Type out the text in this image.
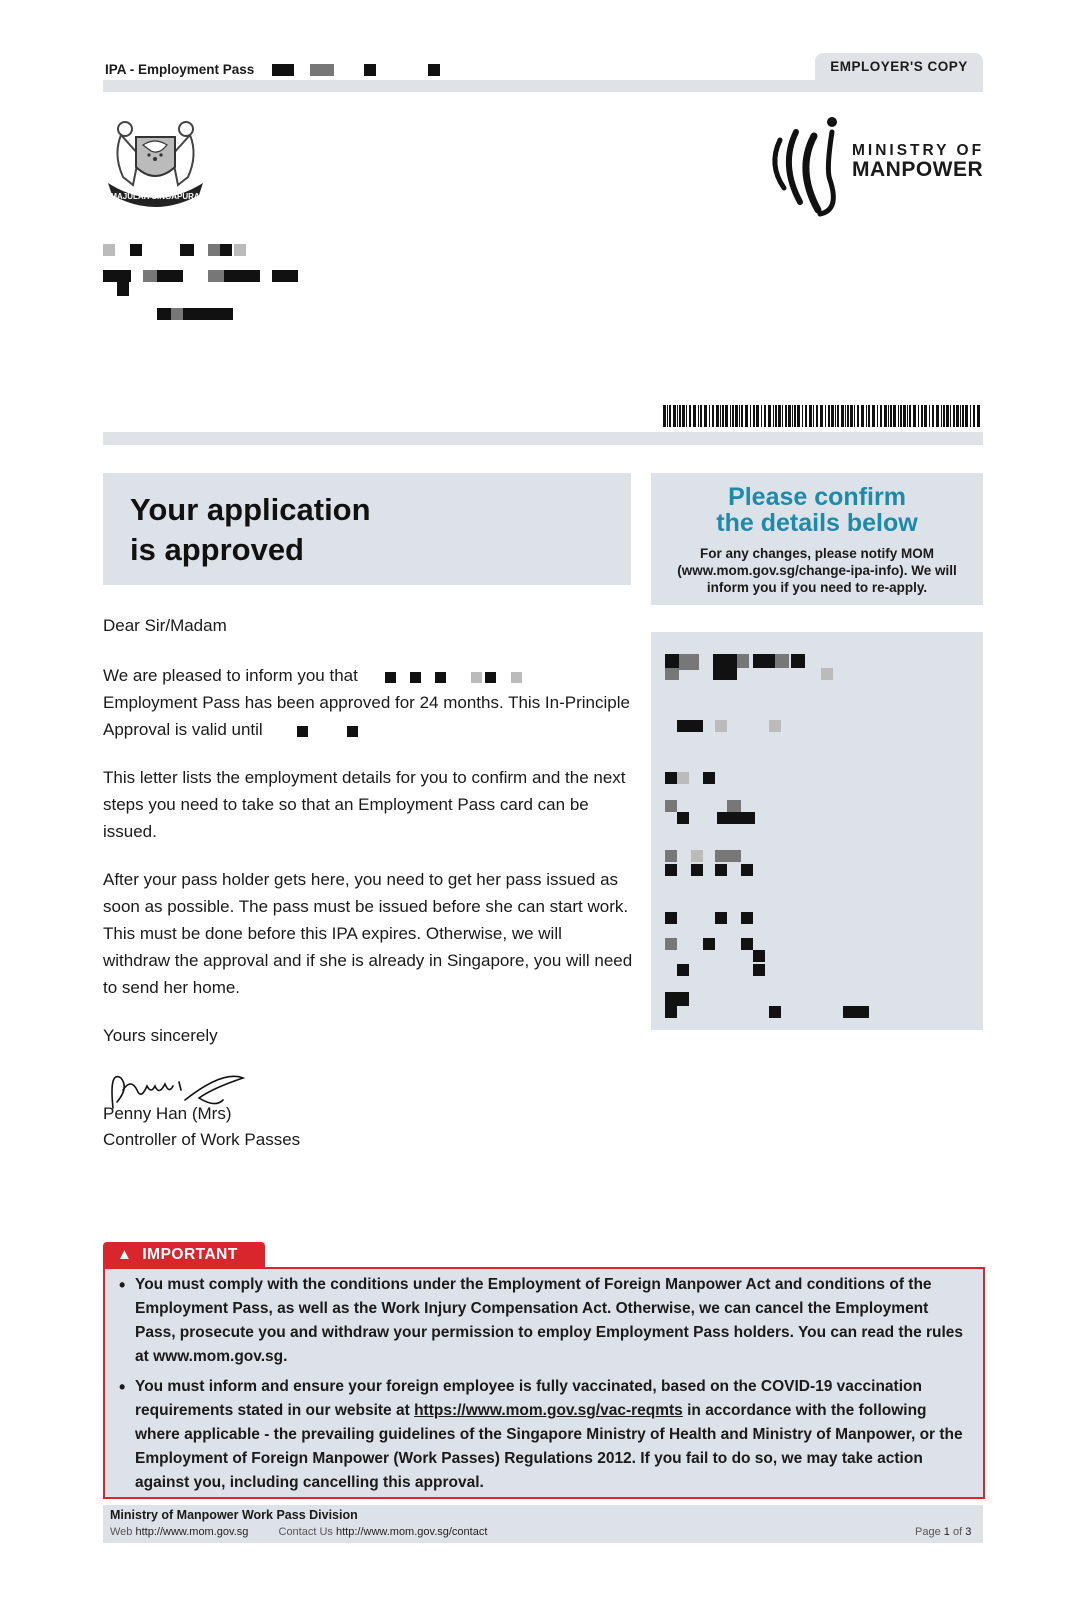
IPA - Employment Pass	EMPLOYER'S COPY
MAJULAH SINGAPURA
MINISTRY OF
MANPOWER
Your application
is approved
Please confirm
the details below
For any changes, please notify MOM (www.mom.gov.sg/change-ipa-info). We will inform you if you need to re-apply.
Dear Sir/Madam
We are pleased to inform you that

Employment Pass has been approved for 24 months. This In-Principle Approval is valid until
This letter lists the employment details for you to confirm and the next steps you need to take so that an Employment Pass card can be issued.
After your pass holder gets here, you need to get her pass issued as soon as possible. The pass must be issued before she can start work. This must be done before this IPA expires. Otherwise, we will withdraw the approval and if she is already in Singapore, you will need to send her home.
Yours sincerely
Penny Han (Mrs)
Controller of Work Passes
▲ IMPORTANT
• You must comply with the conditions under the Employment of Foreign Manpower Act and conditions of the Employment Pass, as well as the Work Injury Compensation Act. Otherwise, we can cancel the Employment Pass, prosecute you and withdraw your permission to employ Employment Pass holders. You can read the rules at www.mom.gov.sg.
• You must inform and ensure your foreign employee is fully vaccinated, based on the COVID-19 vaccination requirements stated in our website at https://www.mom.gov.sg/vac-reqmts in accordance with the following where applicable - the prevailing guidelines of the Singapore Ministry of Health and Ministry of Manpower, or the Employment of Foreign Manpower (Work Passes) Regulations 2012. If you fail to do so, we may take action against you, including cancelling this approval.
Ministry of Manpower Work Pass Division
Web http://www.mom.gov.sg	Contact Us http://www.mom.gov.sg/contact	Page 1 of 3
